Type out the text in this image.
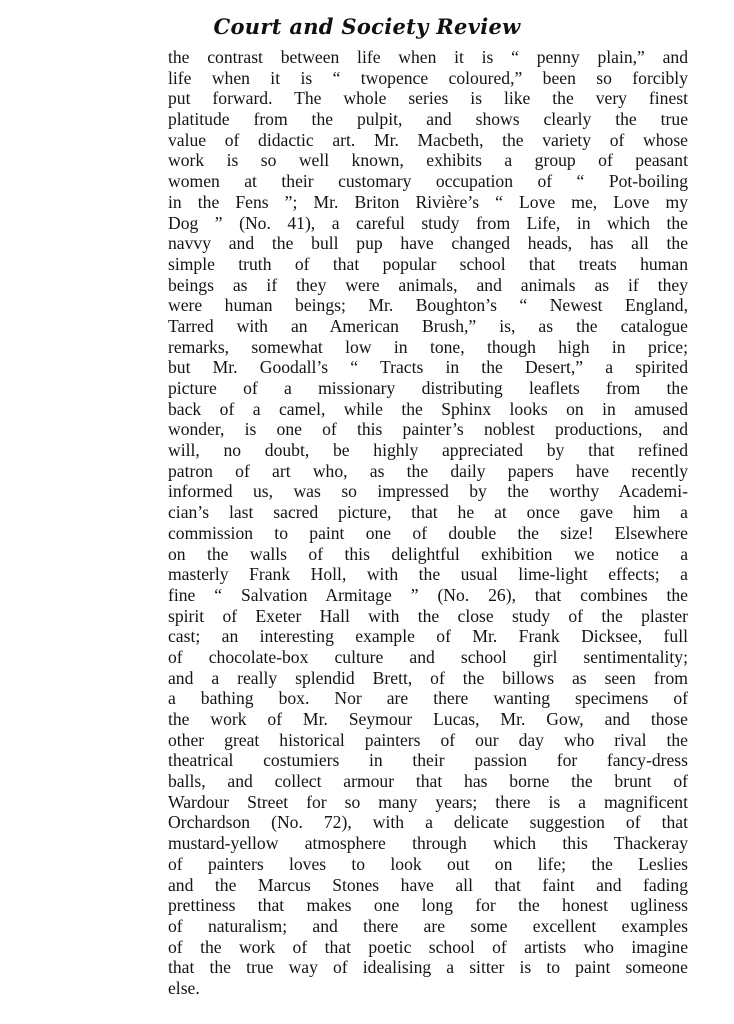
Court and Society Review
the contrast between life when it is “ penny plain,” and
life when it is “ twopence coloured,” been so forcibly
put forward. The whole series is like the very finest
platitude from the pulpit, and shows clearly the true
value of didactic art. Mr. Macbeth, the variety of whose
work is so well known, exhibits a group of peasant
women at their customary occupation of “ Pot-boiling
in the Fens ”; Mr. Briton Rivière’s “ Love me, Love my
Dog ” (No. 41), a careful study from Life, in which the
navvy and the bull pup have changed heads, has all the
simple truth of that popular school that treats human
beings as if they were animals, and animals as if they
were human beings; Mr. Boughton’s “ Newest England,
Tarred with an American Brush,” is, as the catalogue
remarks, somewhat low in tone, though high in price;
but Mr. Goodall’s “ Tracts in the Desert,” a spirited
picture of a missionary distributing leaflets from the
back of a camel, while the Sphinx looks on in amused
wonder, is one of this painter’s noblest productions, and
will, no doubt, be highly appreciated by that refined
patron of art who, as the daily papers have recently
informed us, was so impressed by the worthy Academi-
cian’s last sacred picture, that he at once gave him a
commission to paint one of double the size! Elsewhere
on the walls of this delightful exhibition we notice a
masterly Frank Holl, with the usual lime-light effects; a
fine “ Salvation Armitage ” (No. 26), that combines the
spirit of Exeter Hall with the close study of the plaster
cast; an interesting example of Mr. Frank Dicksee, full
of chocolate-box culture and school girl sentimentality;
and a really splendid Brett, of the billows as seen from
a bathing box. Nor are there wanting specimens of
the work of Mr. Seymour Lucas, Mr. Gow, and those
other great historical painters of our day who rival the
theatrical costumiers in their passion for fancy-dress
balls, and collect armour that has borne the brunt of
Wardour Street for so many years; there is a magnificent
Orchardson (No. 72), with a delicate suggestion of that
mustard-yellow atmosphere through which this Thackeray
of painters loves to look out on life; the Leslies
and the Marcus Stones have all that faint and fading
prettiness that makes one long for the honest ugliness
of naturalism; and there are some excellent examples
of the work of that poetic school of artists who imagine
that the true way of idealising a sitter is to paint someone
else.
